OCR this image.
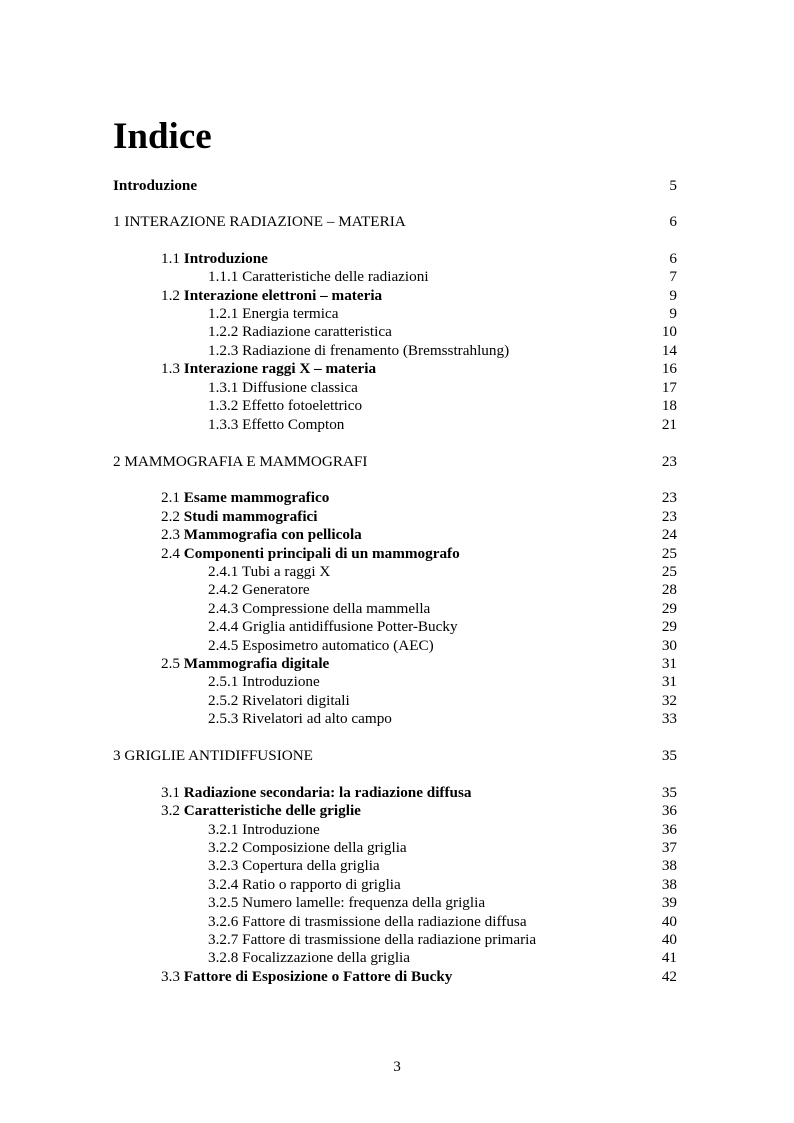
Indice
Introduzione	5
1 INTERAZIONE RADIAZIONE – MATERIA	6
1.1 Introduzione	6
1.1.1 Caratteristiche delle radiazioni	7
1.2 Interazione elettroni – materia	9
1.2.1 Energia termica	9
1.2.2 Radiazione caratteristica	10
1.2.3 Radiazione di frenamento (Bremsstrahlung)	14
1.3 Interazione raggi X – materia	16
1.3.1 Diffusione classica	17
1.3.2 Effetto fotoelettrico	18
1.3.3 Effetto Compton	21
2 MAMMOGRAFIA E MAMMOGRAFI	23
2.1 Esame mammografico	23
2.2 Studi mammografici	23
2.3 Mammografia con pellicola	24
2.4 Componenti principali di un mammografo	25
2.4.1 Tubi a raggi X	25
2.4.2 Generatore	28
2.4.3 Compressione della mammella	29
2.4.4 Griglia antidiffusione Potter-Bucky	29
2.4.5 Esposimetro automatico (AEC)	30
2.5 Mammografia digitale	31
2.5.1 Introduzione	31
2.5.2 Rivelatori digitali	32
2.5.3 Rivelatori ad alto campo	33
3 GRIGLIE ANTIDIFFUSIONE	35
3.1 Radiazione secondaria: la radiazione diffusa	35
3.2 Caratteristiche delle griglie	36
3.2.1 Introduzione	36
3.2.2 Composizione della griglia	37
3.2.3 Copertura della griglia	38
3.2.4 Ratio o rapporto di griglia	38
3.2.5 Numero lamelle: frequenza della griglia	39
3.2.6 Fattore di trasmissione della radiazione diffusa	40
3.2.7 Fattore di trasmissione della radiazione primaria	40
3.2.8 Focalizzazione della griglia	41
3.3 Fattore di Esposizione o Fattore di Bucky	42
3
